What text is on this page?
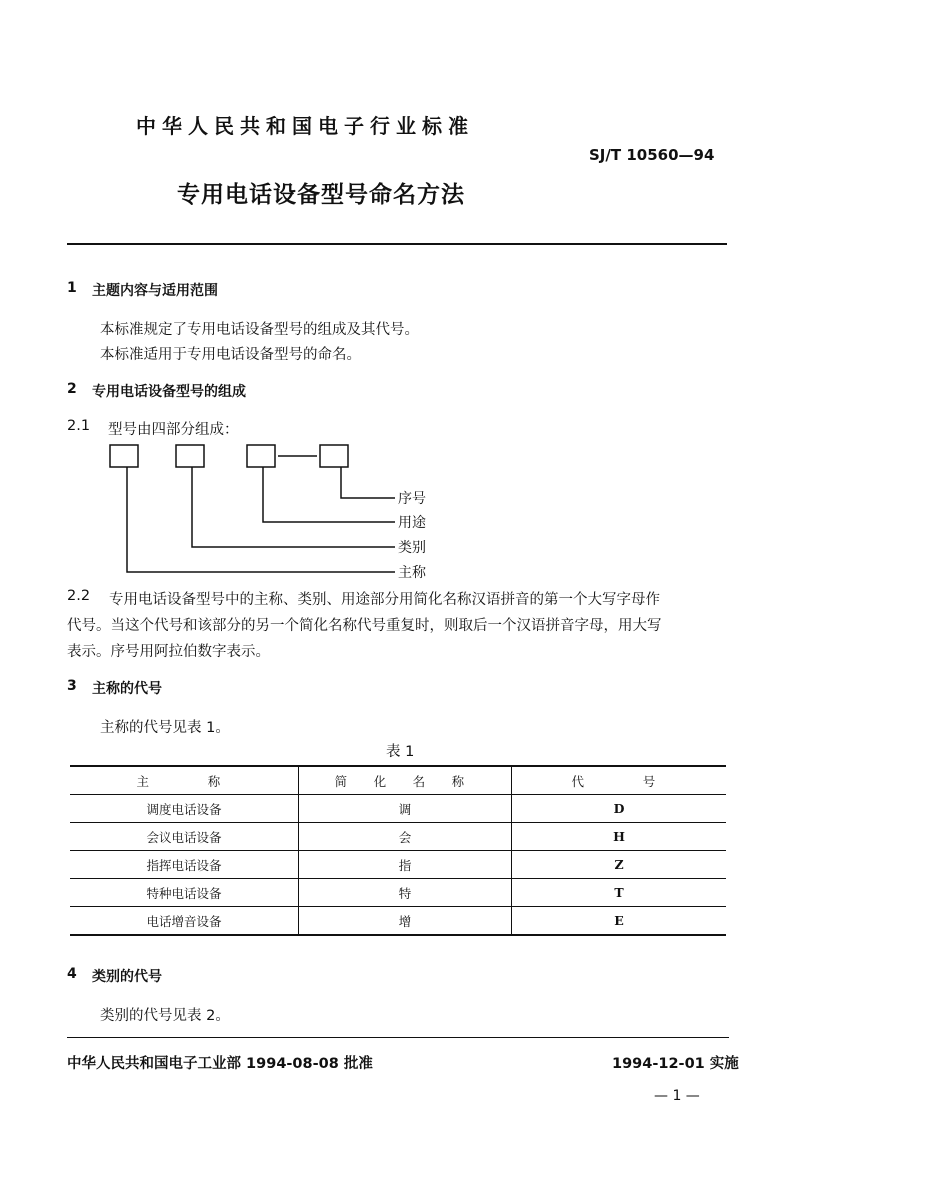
中华人民共和国电子行业标准
SJ/T 10560—94
专用电话设备型号命名方法
1 主题内容与适用范围
本标准规定了专用电话设备型号的组成及其代号。
本标准适用于专用电话设备型号的命名。
2 专用电话设备型号的组成
2.1 型号由四部分组成：
序号
用途
类别
主称
2.2	专用电话设备型号中的主称、类别、用途部分用简化名称汉语拼音的第一个大写字母作
代号。当这个代号和该部分的另一个简化名称代号重复时，则取后一个汉语拼音字母，用大写
表示。序号用阿拉伯数字表示。
3 主称的代号
主称的代号见表 1。
表 1
主　　称	简 化 名 称	代　　号
调度电话设备	调	D
会议电话设备	会	H
指挥电话设备	指	Z
特种电话设备	特	T
电话增音设备	增	E
4 类别的代号
类别的代号见表 2。
中华人民共和国电子工业部 1994-08-08 批准	1994-12-01 实施
— 1 —
